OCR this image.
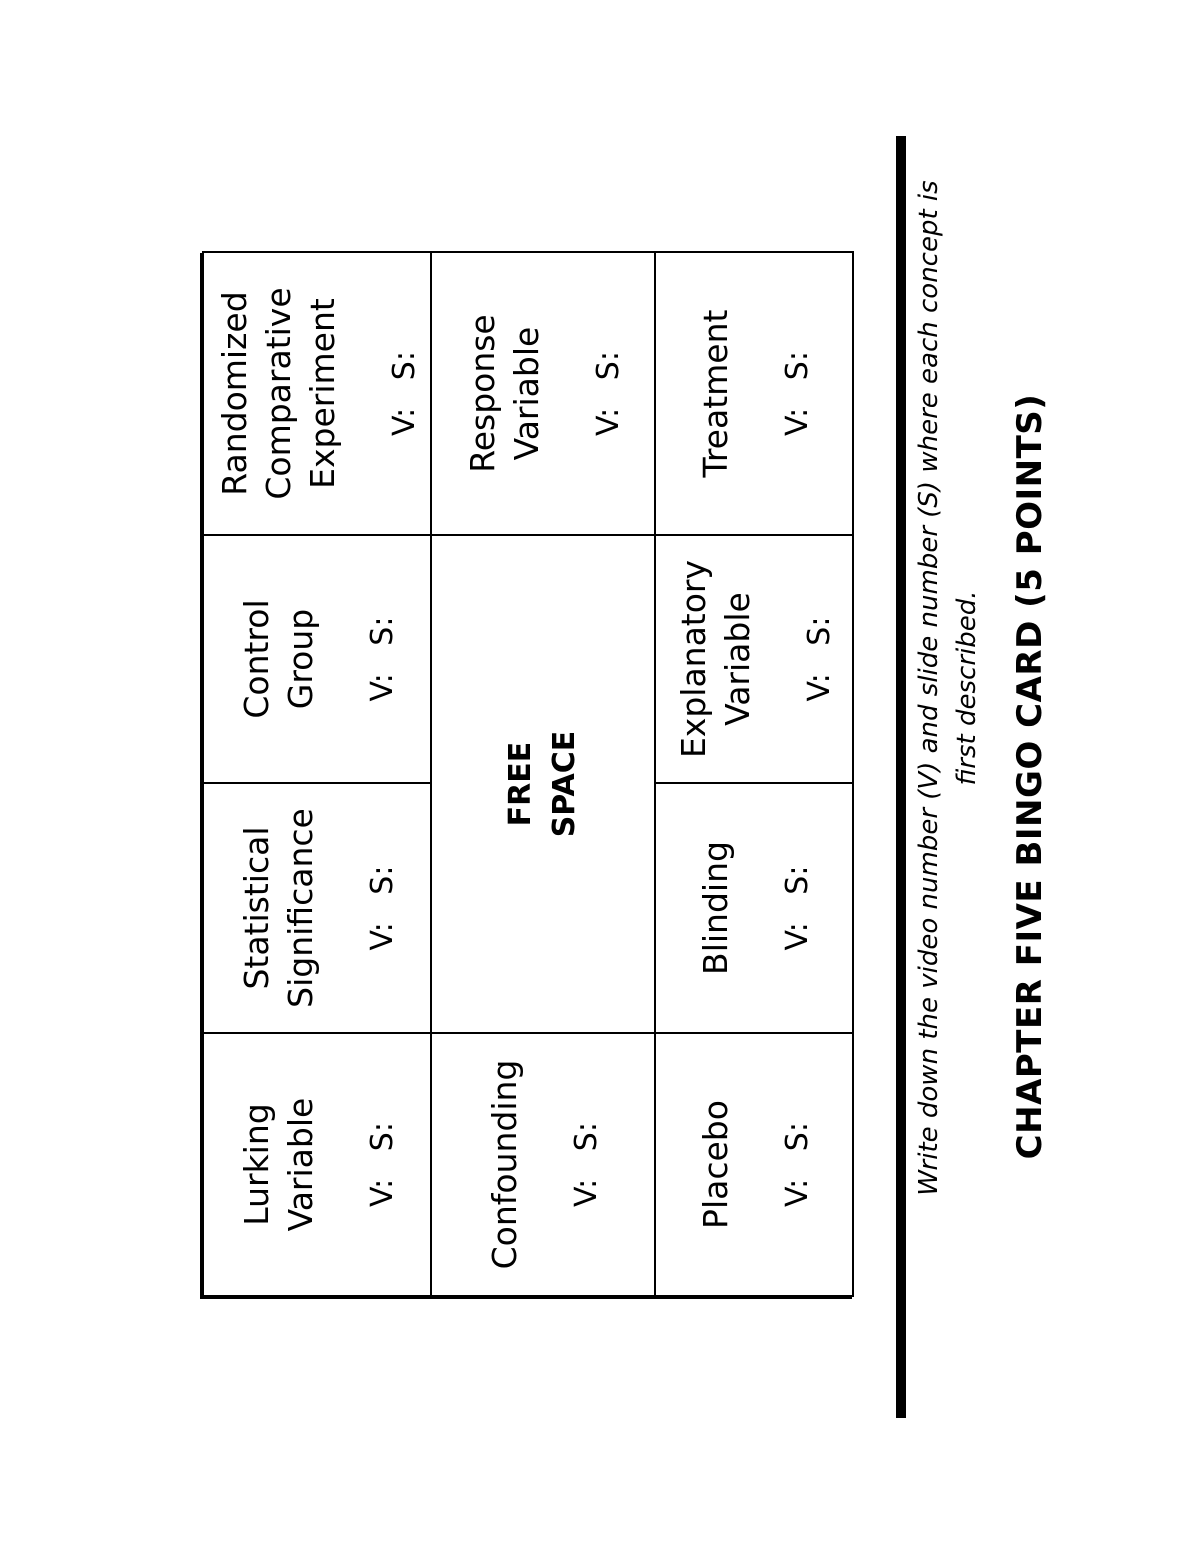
CHAPTER FIVE BINGO CARD (5 POINTS)
Write down the video number (V) and slide number (S) where each concept is first described.
Lurking
Variable V: S:
Statistical
Significance V: S:
Control
Group V: S:
Randomized
Comparative
Experiment V: S:
Confounding V: S:
FREE
SPACE
Response
Variable V: S:
Placebo V: S:
Blinding V: S:
Explanatory
Variable V: S:
Treatment V: S:
